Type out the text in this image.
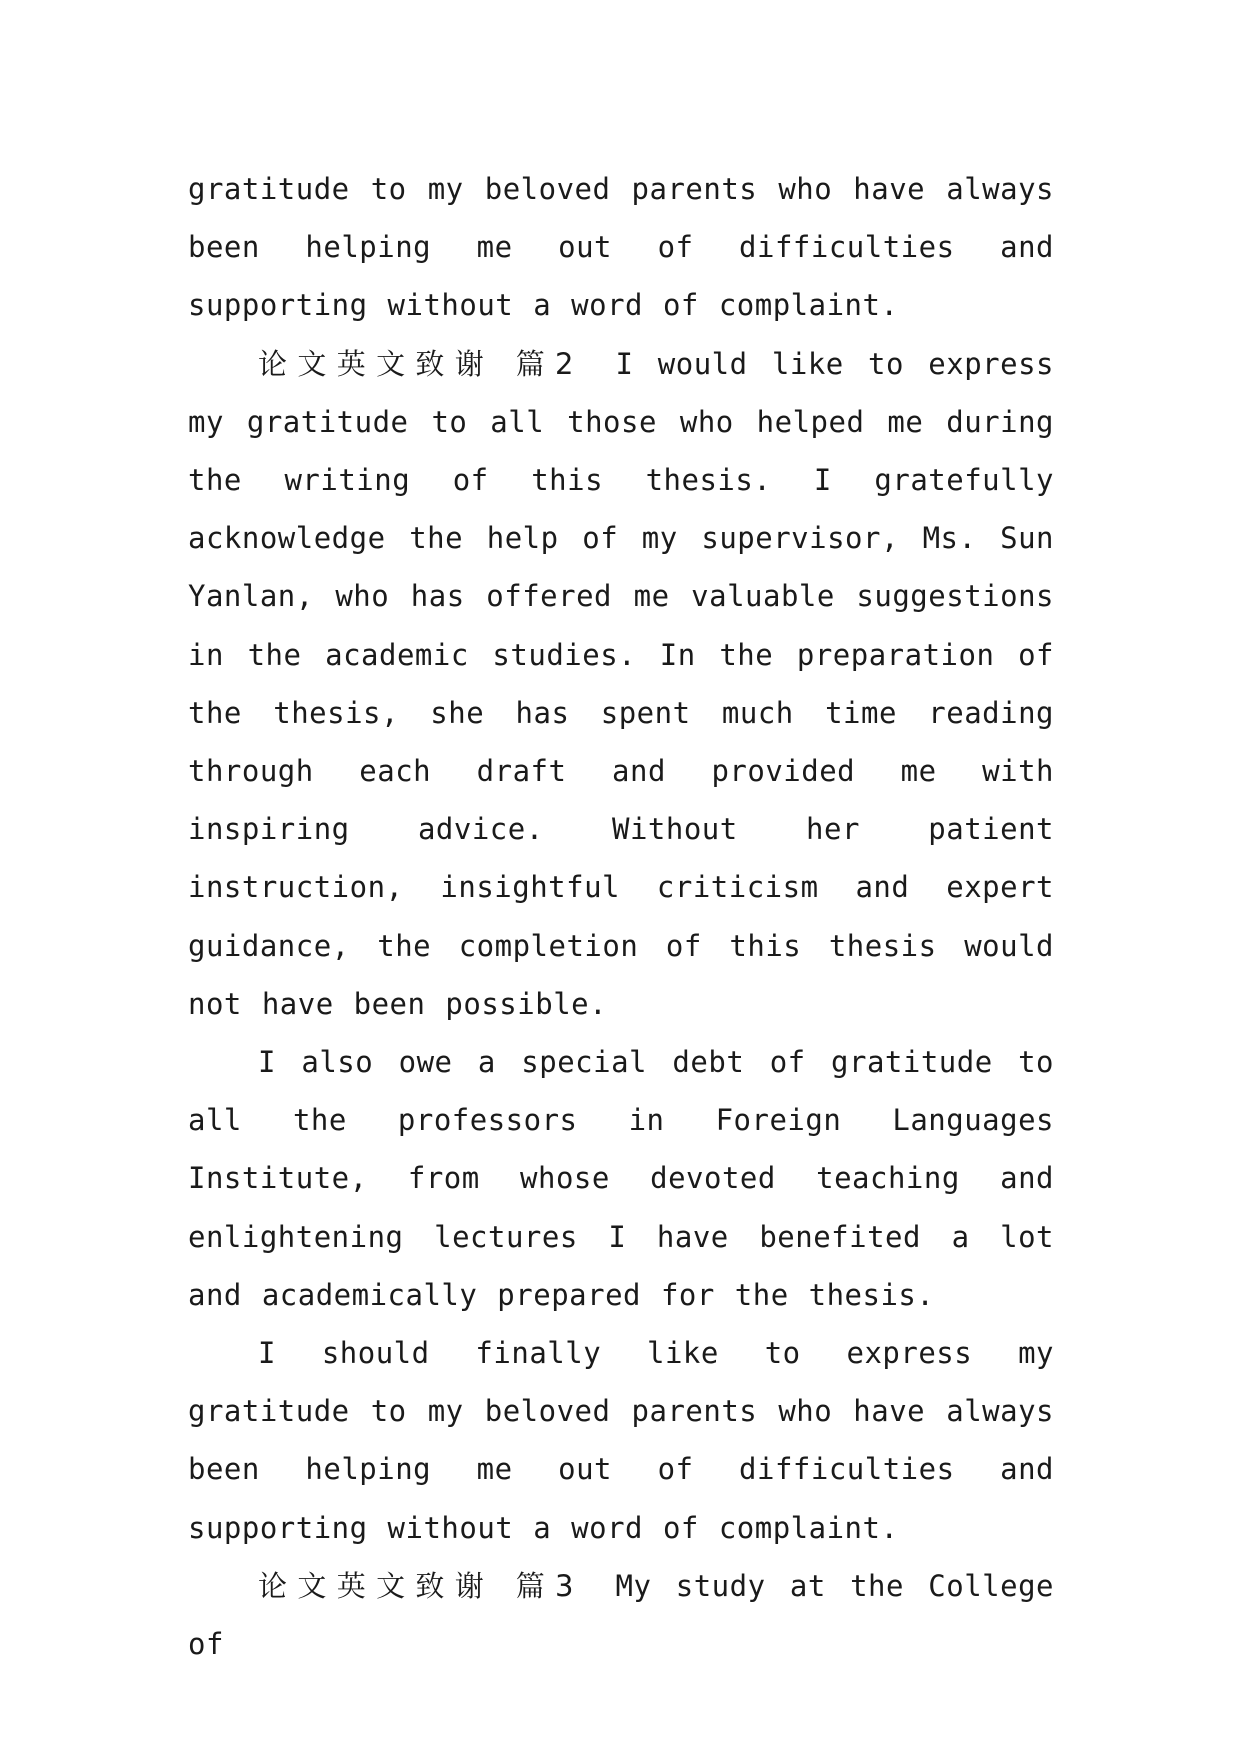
gratitude to my beloved parents who have always been helping me out of difficulties and supporting without a word of complaint.

论文英文致谢 篇2 I would like to express my gratitude to all those who helped me during the writing of this thesis. I gratefully acknowledge the help of my supervisor, Ms. Sun Yanlan, who has offered me valuable suggestions in the academic studies. In the preparation of the thesis, she has spent much time reading through each draft and provided me with inspiring advice. Without her patient instruction, insightful criticism and expert guidance, the completion of this thesis would not have been possible.

I also owe a special debt of gratitude to all the professors in Foreign Languages Institute, from whose devoted teaching and enlightening lectures I have benefited a lot and academically prepared for the thesis.

I should finally like to express my gratitude to my beloved parents who have always been helping me out of difficulties and supporting without a word of complaint.

论文英文致谢 篇3 My study at the College of
